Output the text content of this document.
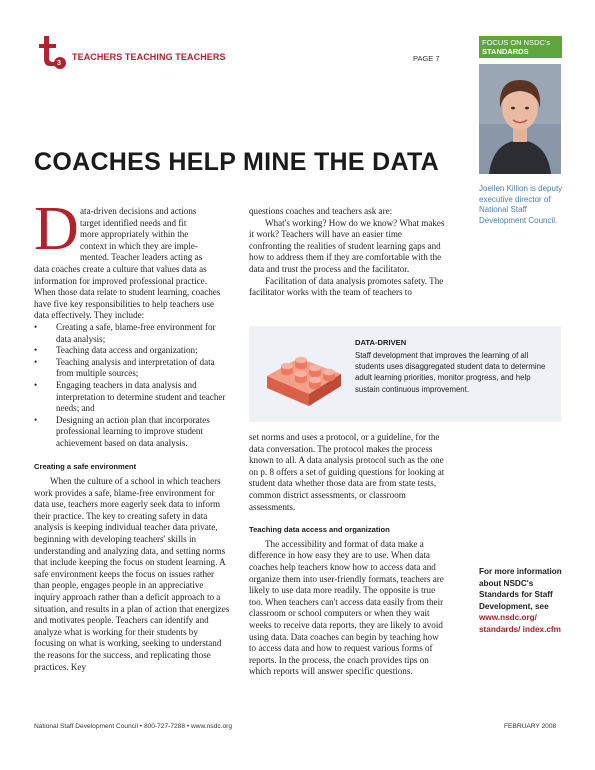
3
TEACHERS TEACHING TEACHERS	PAGE 7
FOCUS ON NSDC's
STANDARDS
Joellen Killion is deputy executive director of National Staff Development Council.
COACHES HELP MINE THE DATA
D ata-driven decisions and actions

target identified needs and fit

more appropriately within the

context in which they are imple-

mented. Teacher leaders acting as

data coaches create a culture that values data as information for improved professional practice. When those data relate to student learning, coaches have five key responsibilities to help teachers use data effectively. They include:

• Creating a safe, blame-free environment for data analysis;
• Teaching data access and organization;
• Teaching analysis and interpretation of data from multiple sources;
• Engaging teachers in data analysis and interpretation to determine student and teacher needs; and
• Designing an action plan that incorporates professional learning to improve student achievement based on data analysis.

Creating a safe environment

When the culture of a school in which teachers work provides a safe, blame-free environment for data use, teachers more eagerly seek data to inform their practice. The key to creating safety in data analysis is keeping individual teacher data private, beginning with developing teachers' skills in understanding and analyzing data, and setting norms that include keeping the focus on student learning. A safe environment keeps the focus on issues rather than people, engages people in an appreciative inquiry approach rather than a deficit approach to a situation, and results in a plan of action that energizes and motivates people. Teachers can identify and analyze what is working for their students by focusing on what is working, seeking to understand the reasons for the success, and replicating those practices. Key

questions coaches and teachers ask are:

What's working? How do we know? What makes it work? Teachers will have an easier time confronting the realities of student learning gaps and how to address them if they are comfortable with the data and trust the process and the facilitator.

Facilitation of data analysis promotes safety. The facilitator works with the team of teachers to

DATA-DRIVEN
Staff development that improves the learning of all students uses disaggregated student data to determine adult learning priorities, monitor progress, and help sustain continuous improvement.

set norms and uses a protocol, or a guideline, for the data conversation. The protocol makes the process known to all. A data analysis protocol such as the one on p. 8 offers a set of guiding questions for looking at student data whether those data are from state tests, common district assessments, or classroom assessments.

Teaching data access and organization

The accessibility and format of data make a difference in how easy they are to use. When data coaches help teachers know how to access data and organize them into user-friendly formats, teachers are likely to use data more readily. The opposite is true too. When teachers can't access data easily from their classroom or school computers or when they wait weeks to receive data reports, they are likely to avoid using data. Data coaches can begin by teaching how to access data and how to request various forms of reports. In the process, the coach provides tips on which reports will answer specific questions.

For more information about NSDC's Standards for Staff Development, see www.nsdc.org/ standards/ index.cfm
National Staff Development Council • 800-727-7288 • www.nsdc.org	FEBRUARY 2008
